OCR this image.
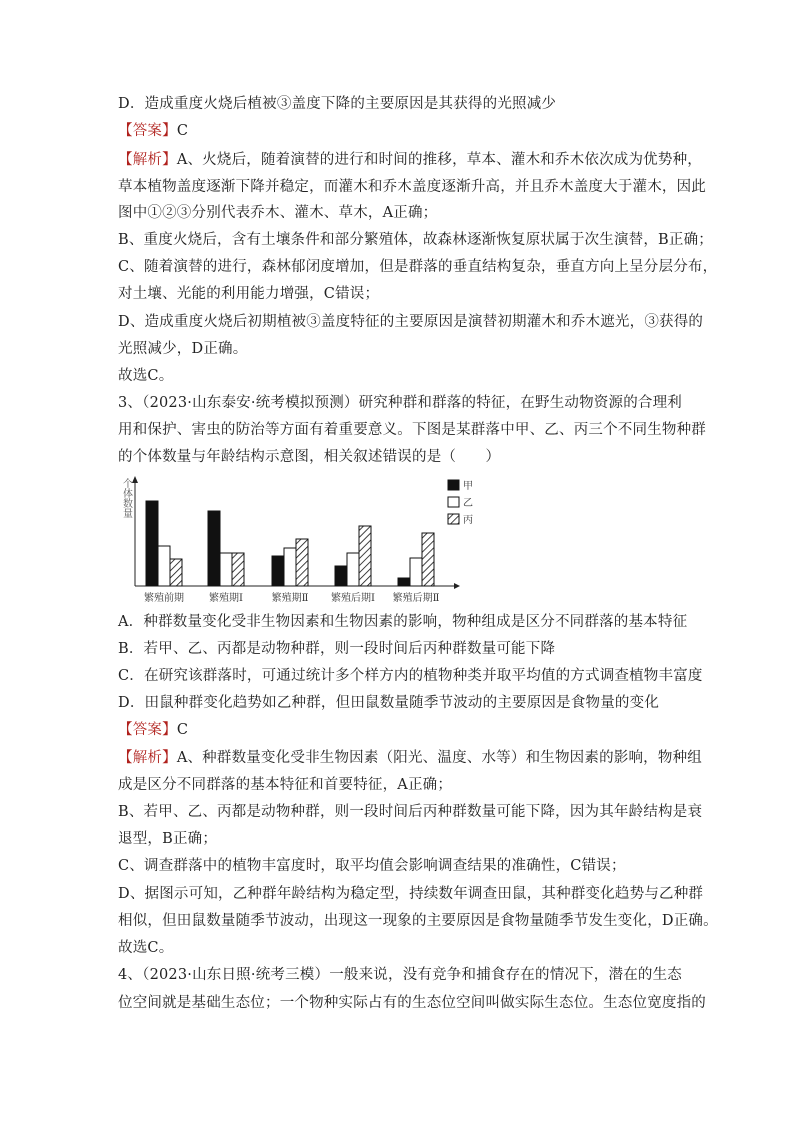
D．造成重度火烧后植被③盖度下降的主要原因是其获得的光照减少
【答案】C
【解析】A、火烧后，随着演替的进行和时间的推移，草本、灌木和乔木依次成为优势种，
草本植物盖度逐渐下降并稳定，而灌木和乔木盖度逐渐升高，并且乔木盖度大于灌木，因此
图中①②③分别代表乔木、灌木、草木，A正确；
B、重度火烧后，含有土壤条件和部分繁殖体，故森林逐渐恢复原状属于次生演替，B正确；
C、随着演替的进行，森林郁闭度增加，但是群落的垂直结构复杂，垂直方向上呈分层分布，
对土壤、光能的利用能力增强，C错误；
D、造成重度火烧后初期植被③盖度特征的主要原因是演替初期灌木和乔木遮光，③获得的
光照减少，D正确。
故选C。
3、（2023·山东泰安·统考模拟预测）研究种群和群落的特征，在野生动物资源的合理利
用和保护、害虫的防治等方面有着重要意义。下图是某群落中甲、乙、丙三个不同生物种群
的个体数量与年龄结构示意图，相关叙述错误的是（　　）
个体数量
繁殖前期	繁殖期Ⅰ	繁殖期Ⅱ 繁殖后期Ⅰ 繁殖后期Ⅱ
甲
乙
丙
A．种群数量变化受非生物因素和生物因素的影响，物种组成是区分不同群落的基本特征
B．若甲、乙、丙都是动物种群，则一段时间后丙种群数量可能下降
C．在研究该群落时，可通过统计多个样方内的植物种类并取平均值的方式调查植物丰富度
D．田鼠种群变化趋势如乙种群，但田鼠数量随季节波动的主要原因是食物量的变化
【答案】C
【解析】A、种群数量变化受非生物因素（阳光、温度、水等）和生物因素的影响，物种组
成是区分不同群落的基本特征和首要特征，A正确；
B、若甲、乙、丙都是动物种群，则一段时间后丙种群数量可能下降，因为其年龄结构是衰
退型，B正确；
C、调查群落中的植物丰富度时，取平均值会影响调查结果的准确性，C错误；
D、据图示可知，乙种群年龄结构为稳定型，持续数年调查田鼠，其种群变化趋势与乙种群
相似，但田鼠数量随季节波动，出现这一现象的主要原因是食物量随季节发生变化，D正确。
故选C。
4、（2023·山东日照·统考三模）一般来说，没有竞争和捕食存在的情况下，潜在的生态
位空间就是基础生态位；一个物种实际占有的生态位空间叫做实际生态位。生态位宽度指的
